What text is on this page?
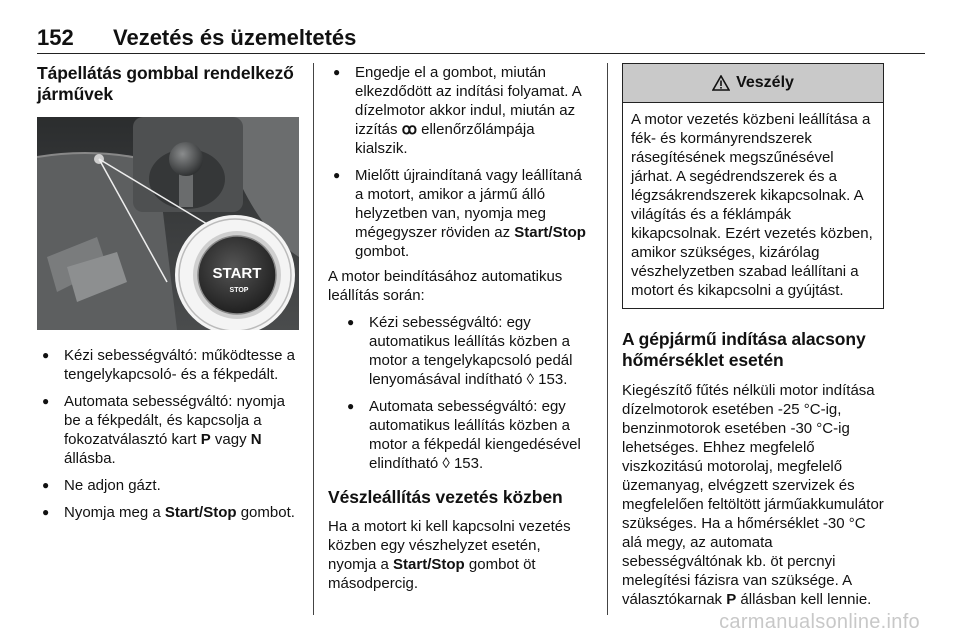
152 Vezetés és üzemeltetés
Tápellátás gombbal rendelkező járművek
START
STOP
● Kézi sebességváltó: működtesse a tengelykapcsoló- és a fékpedált.
● Automata sebességváltó: nyomja be a fékpedált, és kapcsolja a fokozatválasztó kart P vagy N állásba.
● Ne adjon gázt.
● Nyomja meg a Start/Stop gombot.
● Engedje el a gombot, miután elkezdődött az indítási folyamat. A dízelmotor akkor indul, miután az izzítás ꝏ ellenőrzőlámpája kialszik.
● Mielőtt újraindítaná vagy leállítaná a motort, amikor a jármű álló helyzetben van, nyomja meg mégegyszer röviden az Start/Stop gombot.

A motor beindításához automatikus leállítás során:

● Kézi sebességváltó: egy automatikus leállítás közben a motor a tengelykapcsoló pedál lenyomásával indítható ◊ 153.
● Automata sebességváltó: egy automatikus leállítás közben a motor a fékpedál kiengedésével elindítható ◊ 153.
Vészleállítás vezetés közben

Ha a motort ki kell kapcsolni vezetés közben egy vészhelyzet esetén, nyomja a Start/Stop gombot öt másodpercig.

Veszély
A motor vezetés közbeni leállítása a fék- és kormányrendszerek rásegítésének megszűnésével járhat. A segédrendszerek és a légzsákrendszerek kikapcsolnak. A világítás és a féklámpák kikapcsolnak. Ezért vezetés közben, amikor szükséges, kizárólag vészhelyzetben szabad leállítani a motort és kikapcsolni a gyújtást.
A gépjármű indítása alacsony hőmérséklet esetén

Kiegészítő fűtés nélküli motor indítása dízelmotorok esetében -25 °C-ig, benzinmotorok esetében -30 °C-ig lehetséges. Ehhez megfelelő viszkozitású motorolaj, megfelelő üzemanyag, elvégzett szervizek és megfelelően feltöltött járműakkumulátor szükséges. Ha a hőmérséklet -30 °C alá megy, az automata sebességváltónak kb. öt percnyi melegítési fázisra van szüksége. A választókarnak P állásban kell lennie.

carmanualsonline.info
